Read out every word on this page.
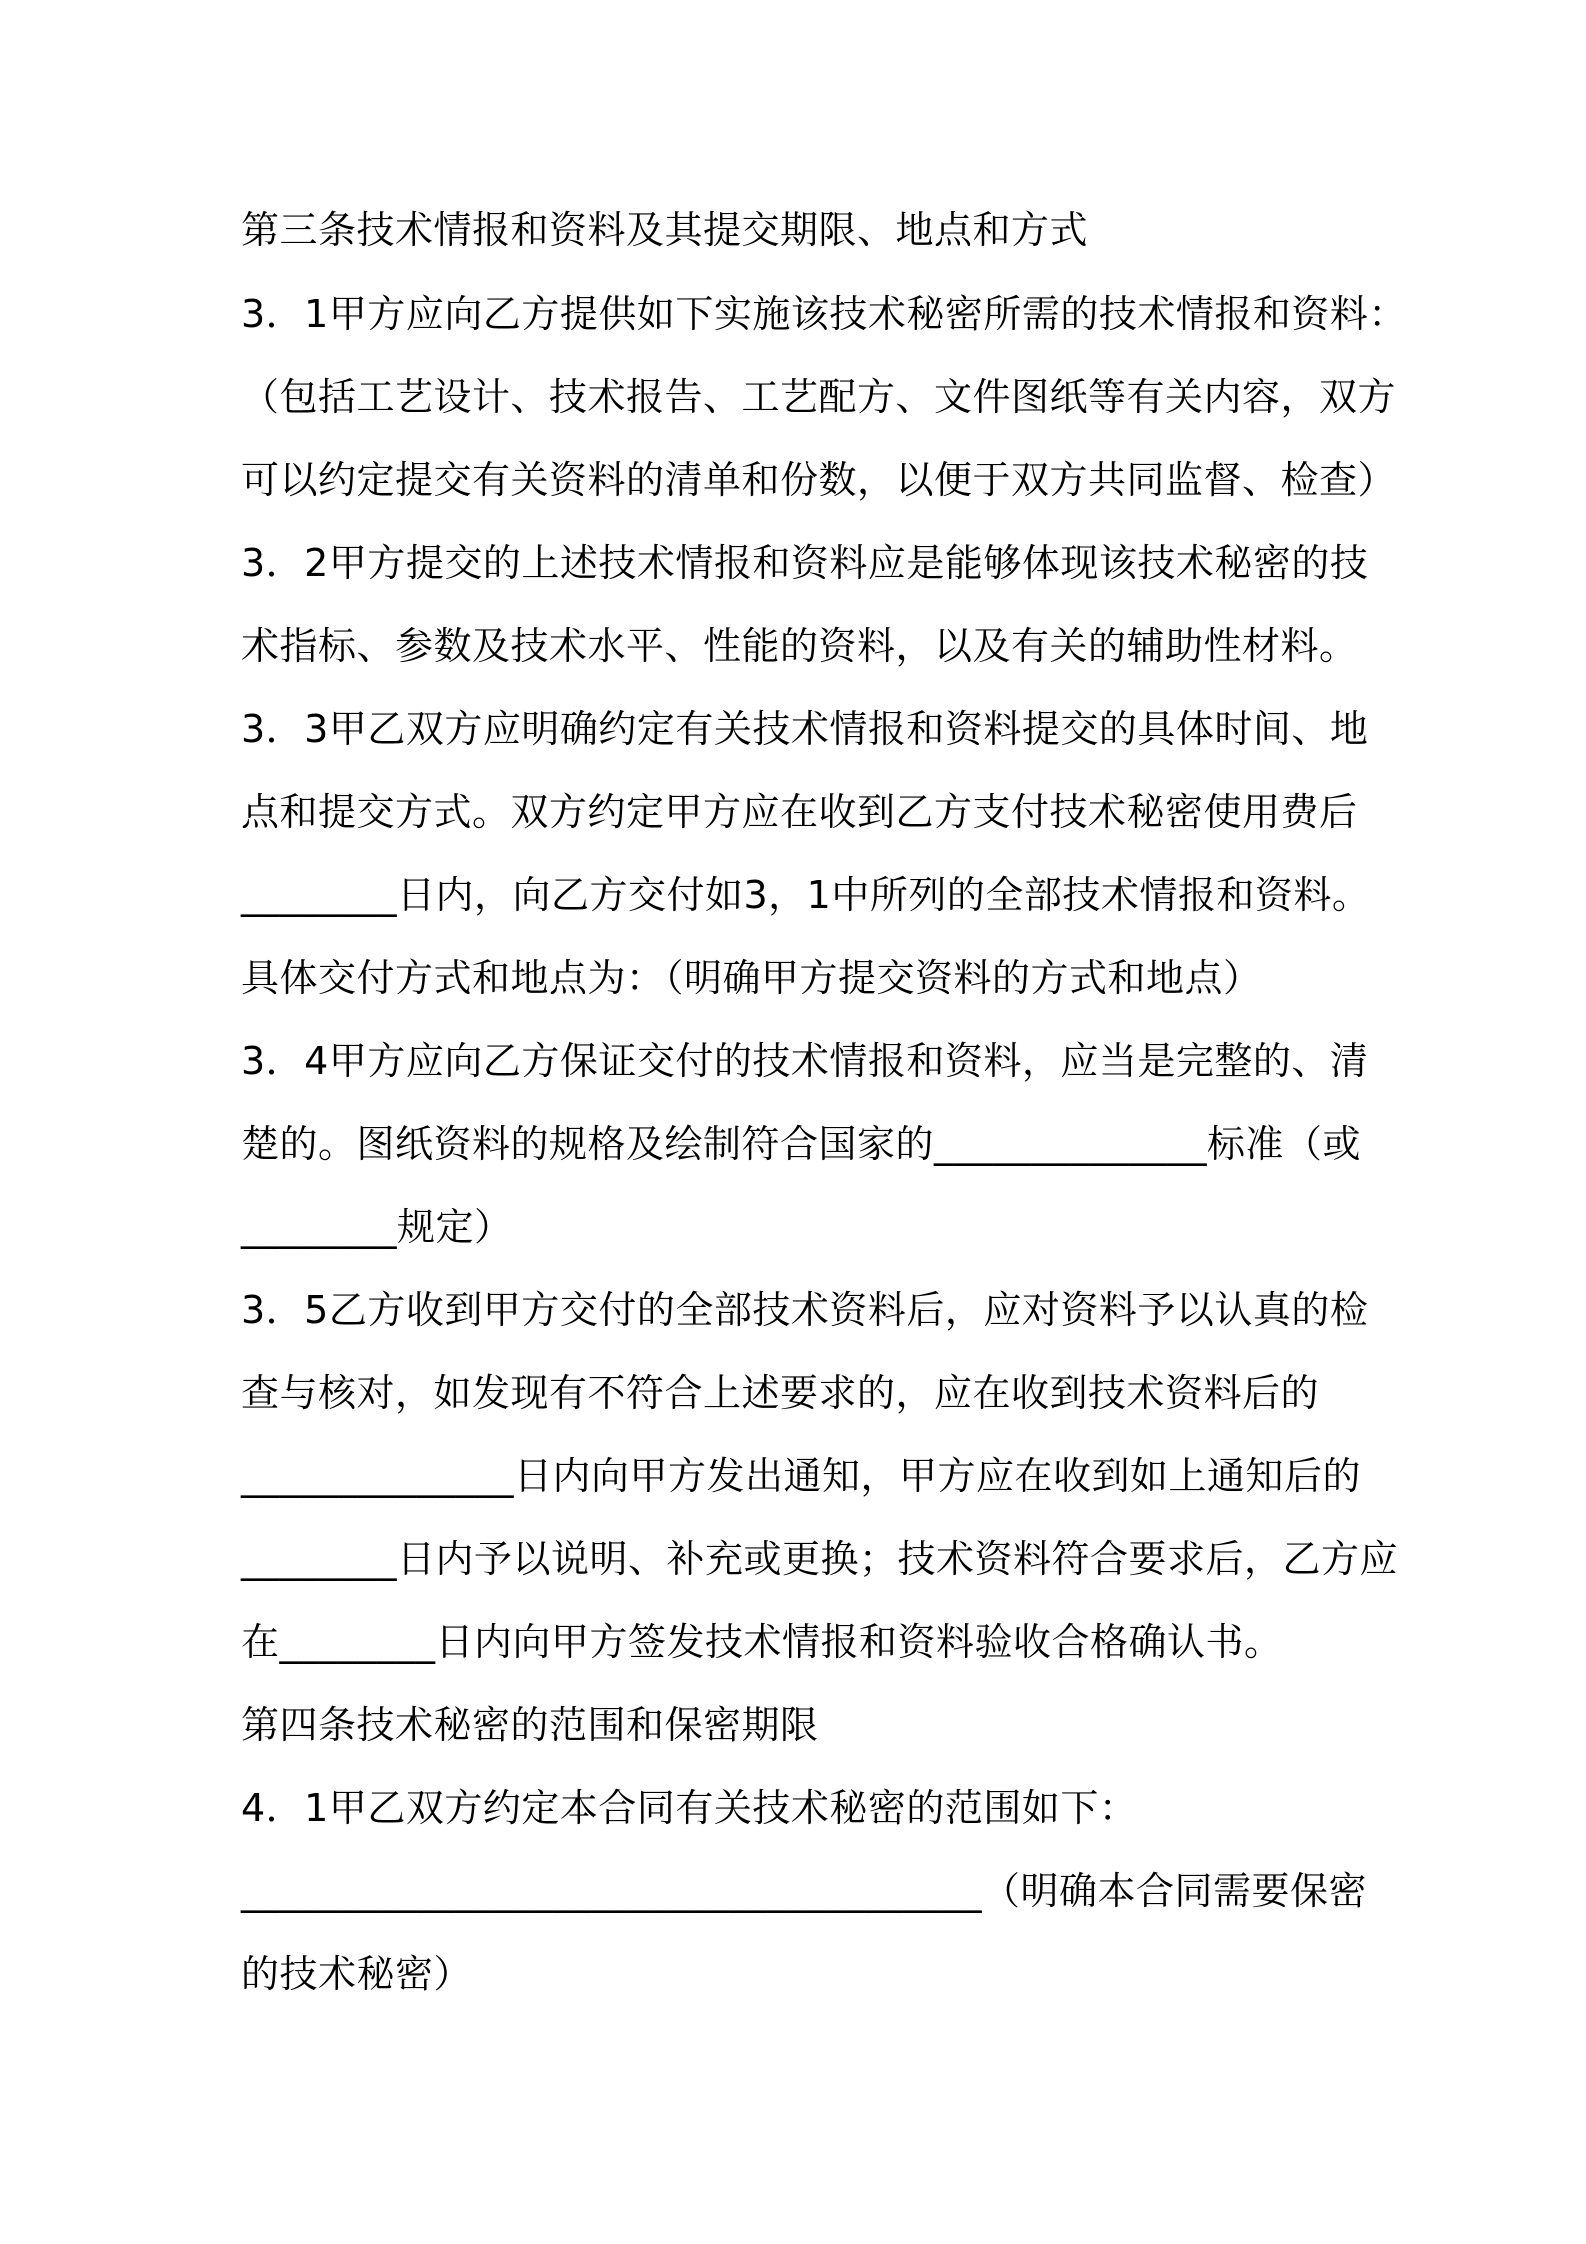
第三条技术情报和资料及其提交期限、地点和方式
3．1甲方应向乙方提供如下实施该技术秘密所需的技术情报和资料：
（包括工艺设计、技术报告、工艺配方、文件图纸等有关内容，双方
可以约定提交有关资料的清单和份数，以便于双方共同监督、检查）
3．2甲方提交的上述技术情报和资料应是能够体现该技术秘密的技
术指标、参数及技术水平、性能的资料，以及有关的辅助性材料。
3．3甲乙双方应明确约定有关技术情报和资料提交的具体时间、地
点和提交方式。双方约定甲方应在收到乙方支付技术秘密使用费后
________日内，向乙方交付如3，1中所列的全部技术情报和资料。
具体交付方式和地点为：（明确甲方提交资料的方式和地点）
3．4甲方应向乙方保证交付的技术情报和资料，应当是完整的、清
楚的。图纸资料的规格及绘制符合国家的______________标准（或
________规定）
3．5乙方收到甲方交付的全部技术资料后，应对资料予以认真的检
查与核对，如发现有不符合上述要求的，应在收到技术资料后的
______________日内向甲方发出通知，甲方应在收到如上通知后的
________日内予以说明、补充或更换；技术资料符合要求后，乙方应
在________日内向甲方签发技术情报和资料验收合格确认书。
第四条技术秘密的范围和保密期限
4．1甲乙双方约定本合同有关技术秘密的范围如下：
______________________________________（明确本合同需要保密
的技术秘密）
